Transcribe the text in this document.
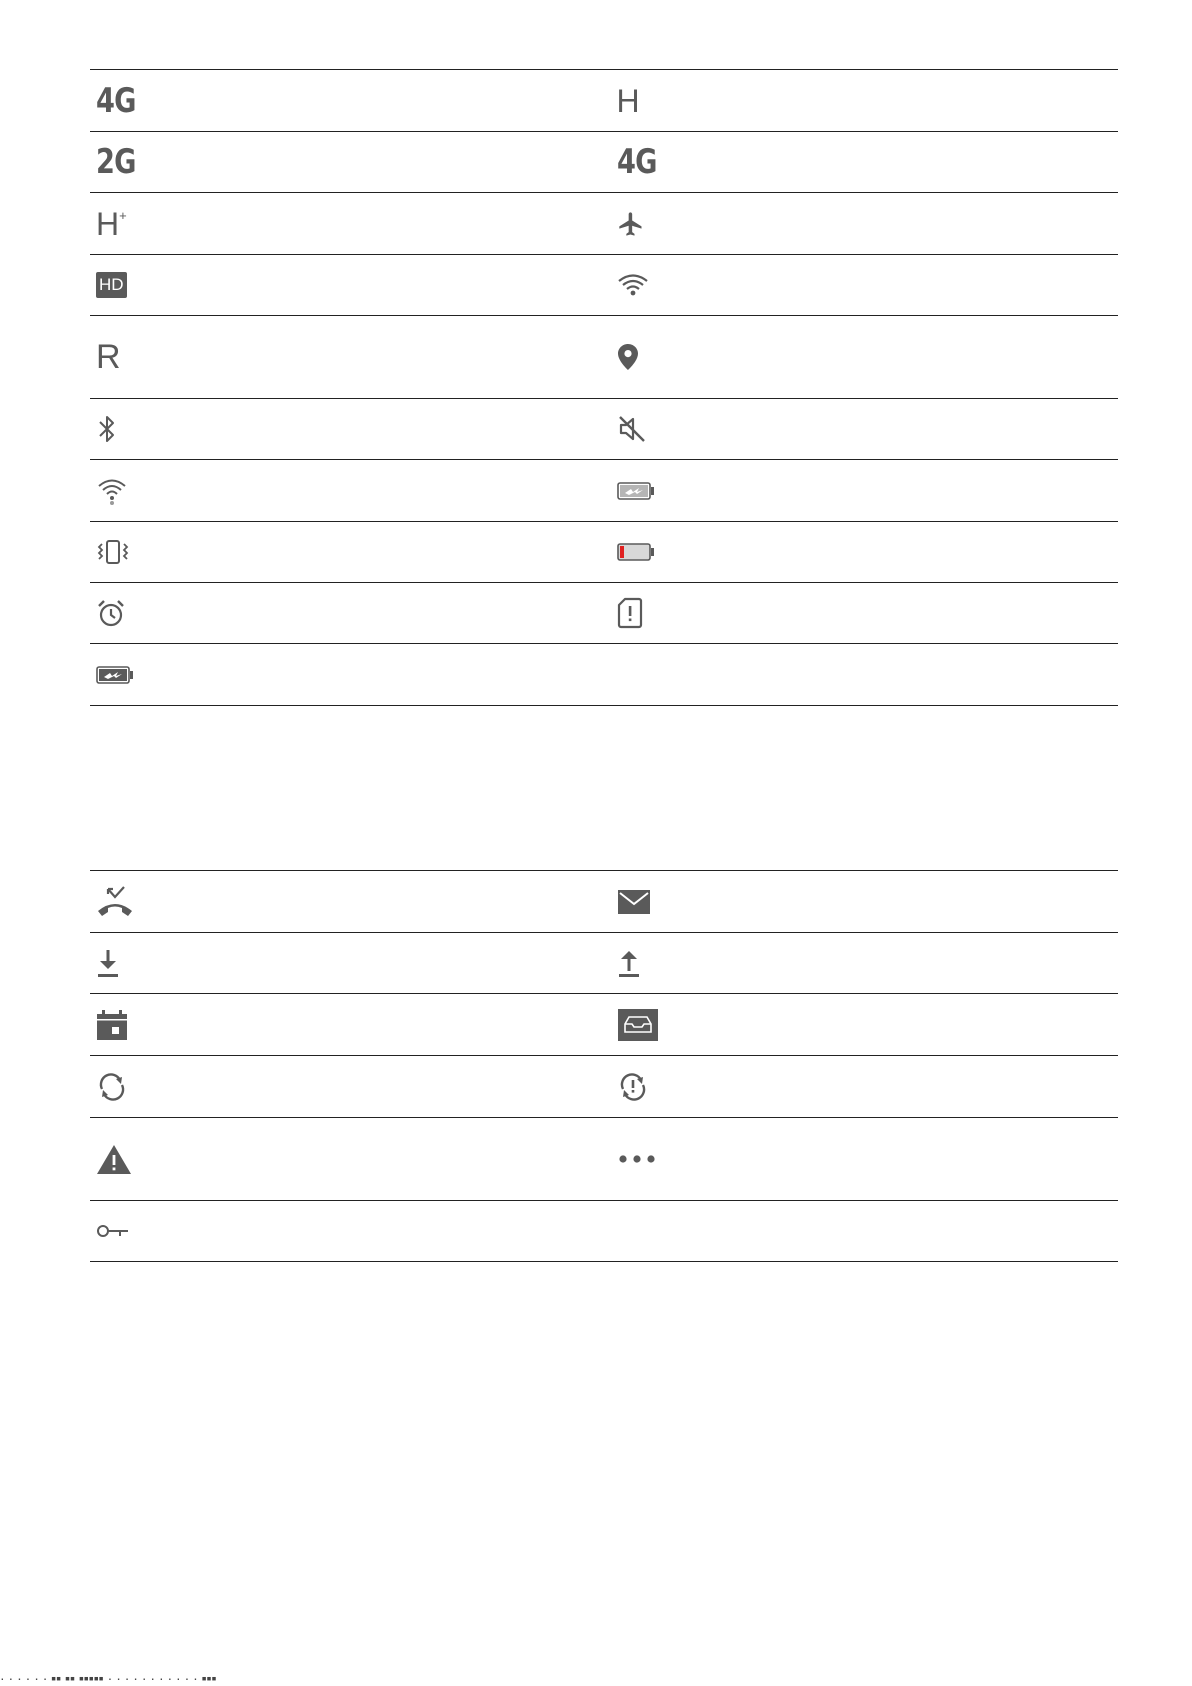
4G	H
2G	4G
H+
HD
R
· · · · · · ▪▪ ▪▪ ▪▪▪▪▪ · · · · · · · · · · · ▪▪▪
